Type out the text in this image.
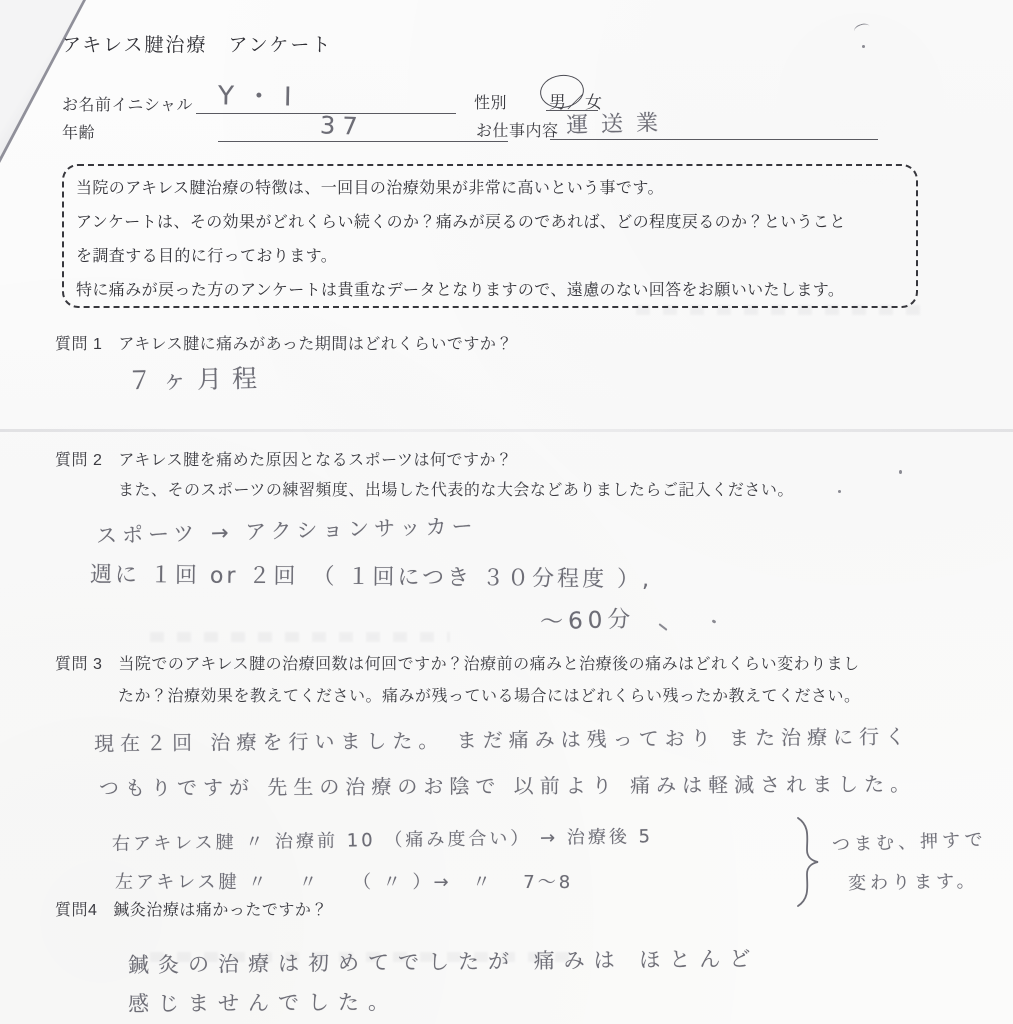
アキレス腱治療　アンケート
お名前イニシャル Y・I	性別 男／女
年齢	37	お仕事内容 運送業
当院のアキレス腱治療の特徴は、一回目の治療効果が非常に高いという事です。
アンケートは、その効果がどれくらい続くのか？痛みが戻るのであれば、どの程度戻るのか？ということ
を調査する目的に行っております。
特に痛みが戻った方のアンケートは貴重なデータとなりますので、遠慮のない回答をお願いいたします。
質問 1 アキレス腱に痛みがあった期間はどれくらいですか？
７ヶ月程
質問 2 アキレス腱を痛めた原因となるスポーツは何ですか？
また、そのスポーツの練習頻度、出場した代表的な大会などありましたらご記入ください。
スポーツ → アクションサッカー
週に １回 or ２回　（ １回につき ３０分程度 ）,
〜60分
質問 3 当院でのアキレス腱の治療回数は何回ですか？治療前の痛みと治療後の痛みはどれくらい変わりまし
たか？治療効果を教えてください。痛みが残っている場合にはどれくらい残ったか教えてください。
現在２回 治療を行いました。 まだ痛みは残っており また治療に行く
つもりですが 先生の治療のお陰で 以前より 痛みは軽減されました。
右アキレス腱 〃 治療前 10 （痛み度合い） → 治療後 5
左アキレス腱 〃　 〃　　（ 〃 ）→　〃　 7〜8
つまむ、押すで
変わります。
質問4 鍼灸治療は痛かったですか？
鍼灸の治療は初めてでしたが 痛みは ほとんど
感じませんでした。
